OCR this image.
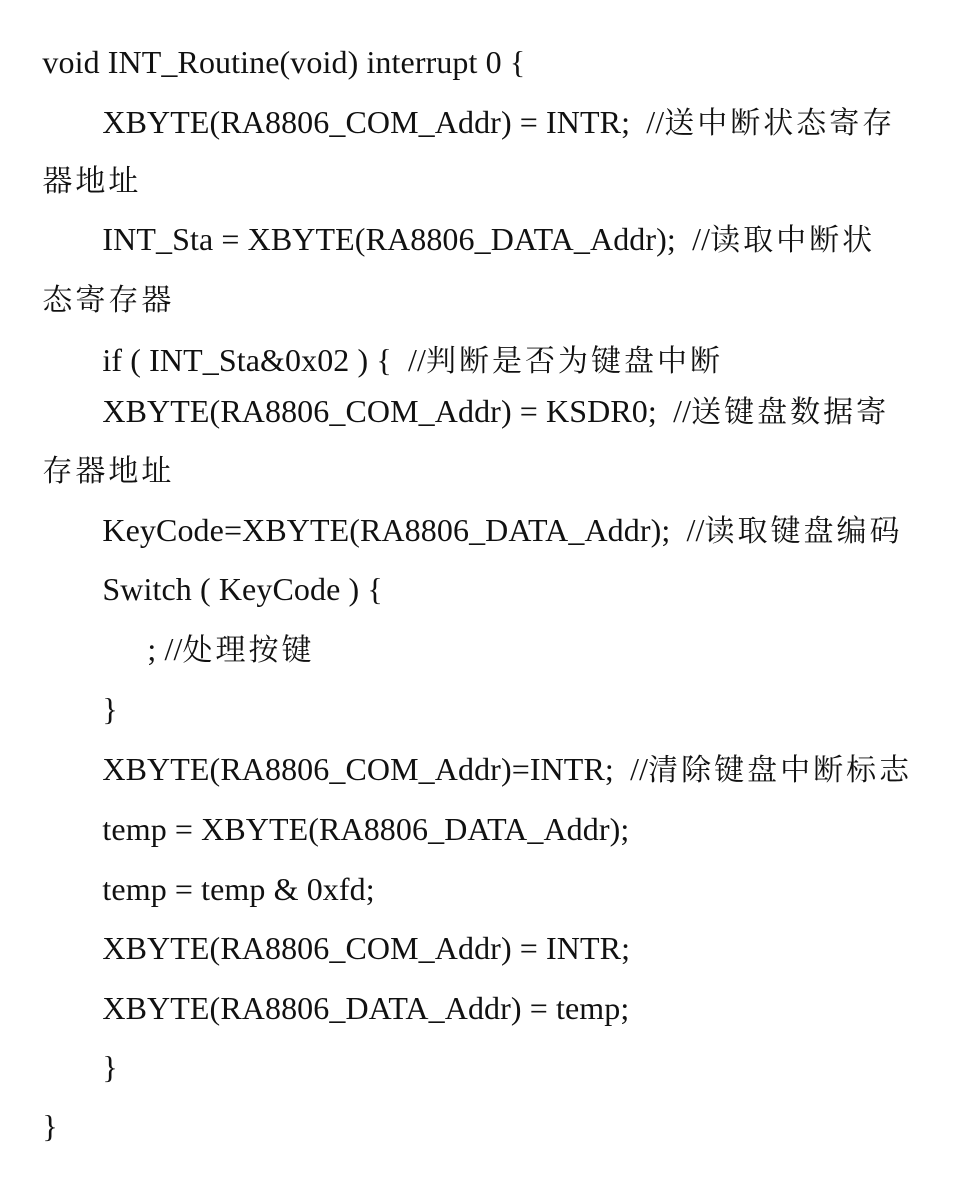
void INT_Routine(void) interrupt 0 {

XBYTE(RA8806_COM_Addr) = INTR;  //送中断状态寄存

器地址

INT_Sta = XBYTE(RA8806_DATA_Addr);  //读取中断状

态寄存器

if ( INT_Sta&0x02 ) {  //判断是否为键盘中断

XBYTE(RA8806_COM_Addr) = KSDR0;  //送键盘数据寄

存器地址

KeyCode=XBYTE(RA8806_DATA_Addr);  //读取键盘编码

Switch ( KeyCode ) {

; //处理按键

}

XBYTE(RA8806_COM_Addr)=INTR;  //清除键盘中断标志

temp = XBYTE(RA8806_DATA_Addr);

temp = temp & 0xfd;

XBYTE(RA8806_COM_Addr) = INTR;

XBYTE(RA8806_DATA_Addr) = temp;

}

}
